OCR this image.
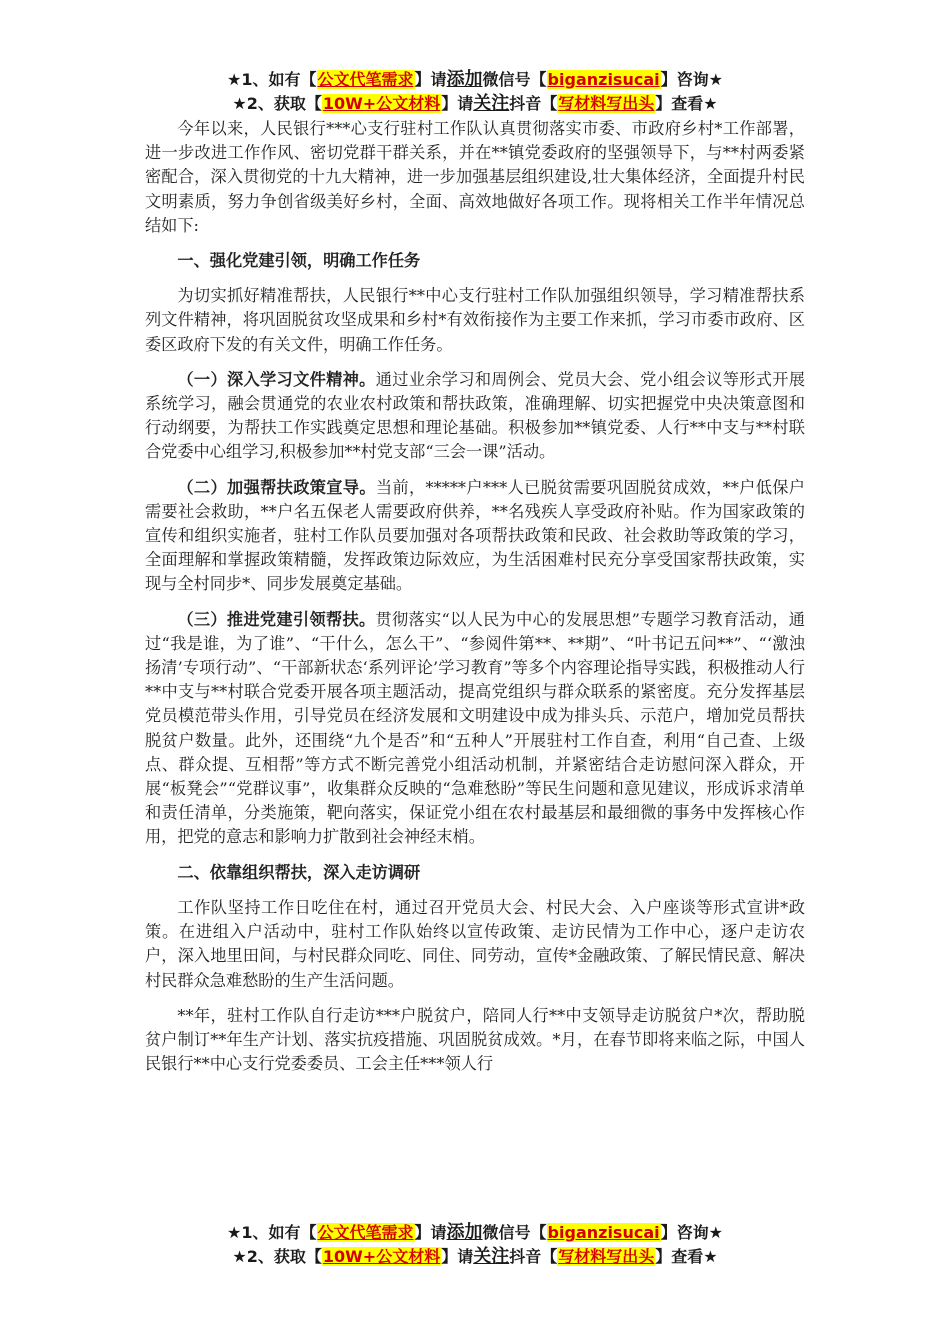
★1、如有【公文代笔需求】请添加微信号【biganzisucai】咨询★
★2、获取【10W+公文材料】请关注抖音【写材料写出头】查看★

今年以来，人民银行***心支行驻村工作队认真贯彻落实市委、市政府乡村*工作部署，进一步改进工作作风、密切党群干群关系，并在**镇党委政府的坚强领导下，与**村两委紧密配合，深入贯彻党的十九大精神，进一步加强基层组织建设,壮大集体经济，全面提升村民文明素质，努力争创省级美好乡村，全面、高效地做好各项工作。现将相关工作半年情况总结如下:

一、强化党建引领，明确工作任务

为切实抓好精准帮扶，人民银行**中心支行驻村工作队加强组织领导，学习精准帮扶系列文件精神，将巩固脱贫攻坚成果和乡村*有效衔接作为主要工作来抓，学习市委市政府、区委区政府下发的有关文件，明确工作任务。

（一）深入学习文件精神。通过业余学习和周例会、党员大会、党小组会议等形式开展系统学习，融会贯通党的农业农村政策和帮扶政策，准确理解、切实把握党中央决策意图和行动纲要，为帮扶工作实践奠定思想和理论基础。积极参加**镇党委、人行**中支与**村联合党委中心组学习,积极参加**村党支部“三会一课”活动。

（二）加强帮扶政策宣导。当前，*****户***人已脱贫需要巩固脱贫成效，**户低保户需要社会救助，**户名五保老人需要政府供养，**名残疾人享受政府补贴。作为国家政策的宣传和组织实施者，驻村工作队员要加强对各项帮扶政策和民政、社会救助等政策的学习，全面理解和掌握政策精髓，发挥政策边际效应，为生活困难村民充分享受国家帮扶政策，实现与全村同步*、同步发展奠定基础。

（三）推进党建引领帮扶。贯彻落实“以人民为中心的发展思想”专题学习教育活动，通过“我是谁，为了谁”、“干什么，怎么干”、“参阅件第**、**期”、“叶书记五问**”、“‘激浊扬清’专项行动”、“干部新状态‘系列评论’学习教育”等多个内容理论指导实践，积极推动人行**中支与**村联合党委开展各项主题活动，提高党组织与群众联系的紧密度。充分发挥基层党员模范带头作用，引导党员在经济发展和文明建设中成为排头兵、示范户，增加党员帮扶脱贫户数量。此外，还围绕“九个是否”和“五种人”开展驻村工作自查，利用“自己查、上级点、群众提、互相帮”等方式不断完善党小组活动机制，并紧密结合走访慰问深入群众，开展“板凳会”“党群议事”，收集群众反映的“急难愁盼”等民生问题和意见建议，形成诉求清单和责任清单，分类施策，靶向落实，保证党小组在农村最基层和最细微的事务中发挥核心作用，把党的意志和影响力扩散到社会神经末梢。

二、依靠组织帮扶，深入走访调研

工作队坚持工作日吃住在村，通过召开党员大会、村民大会、入户座谈等形式宣讲*政策。在进组入户活动中，驻村工作队始终以宣传政策、走访民情为工作中心，逐户走访农户，深入地里田间，与村民群众同吃、同住、同劳动，宣传*金融政策、了解民情民意、解决村民群众急难愁盼的生产生活问题。

**年，驻村工作队自行走访***户脱贫户，陪同人行**中支领导走访脱贫户*次，帮助脱贫户制订**年生产计划、落实抗疫措施、巩固脱贫成效。*月，在春节即将来临之际，中国人民银行**中心支行党委委员、工会主任***领人行

★1、如有【公文代笔需求】请添加微信号【biganzisucai】咨询★
★2、获取【10W+公文材料】请关注抖音【写材料写出头】查看★
